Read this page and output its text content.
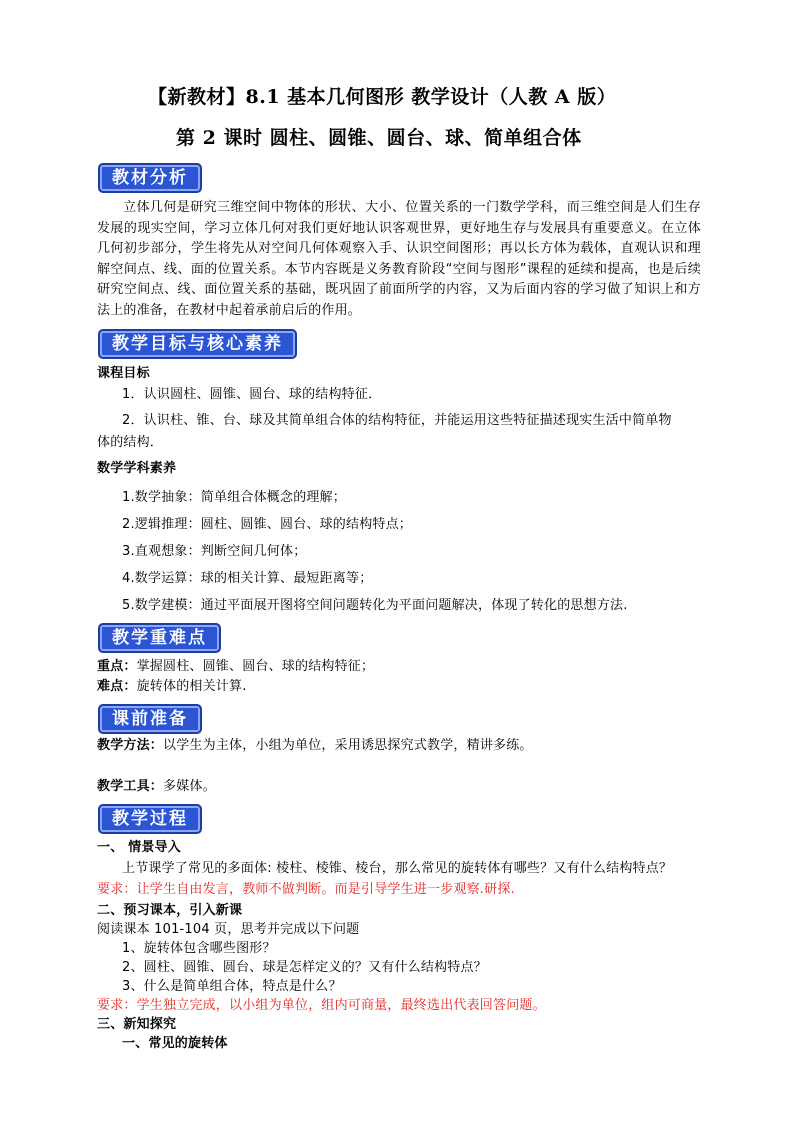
【新教材】8.1 基本几何图形 教学设计（人教 A 版）
第 2 课时 圆柱、圆锥、圆台、球、简单组合体
教材分析
立体几何是研究三维空间中物体的形状、大小、位置关系的一门数学学科，而三维空间是人们生存发展的现实空间，学习立体几何对我们更好地认识客观世界，更好地生存与发展具有重要意义。在立体几何初步部分，学生将先从对空间几何体观察入手、认识空间图形；再以长方体为载体，直观认识和理解空间点、线、面的位置关系。本节内容既是义务教育阶段“空间与图形”课程的延续和提高，也是后续研究空间点、线、面位置关系的基础，既巩固了前面所学的内容，又为后面内容的学习做了知识上和方法上的准备，在教材中起着承前启后的作用。
教学目标与核心素养
课程目标
1．认识圆柱、圆锥、圆台、球的结构特征．
2．认识柱、锥、台、球及其简单组合体的结构特征，并能运用这些特征描述现实生活中简单物
体的结构．
数学学科素养
1.数学抽象：简单组合体概念的理解；
2.逻辑推理：圆柱、圆锥、圆台、球的结构特点；
3.直观想象：判断空间几何体；
4.数学运算：球的相关计算、最短距离等；
5.数学建模：通过平面展开图将空间问题转化为平面问题解决，体现了转化的思想方法.
教学重难点
重点：掌握圆柱、圆锥、圆台、球的结构特征；
难点：旋转体的相关计算.
课前准备
教学方法：以学生为主体，小组为单位，采用诱思探究式教学，精讲多练。
教学工具：多媒体。
教学过程
一、 情景导入
上节课学了常见的多面体: 棱柱、棱锥、棱台，那么常见的旋转体有哪些？又有什么结构特点？
要求：让学生自由发言，教师不做判断。而是引导学生进一步观察.研探.
二、预习课本，引入新课
阅读课本 101-104 页，思考并完成以下问题
1、旋转体包含哪些图形？
2、圆柱、圆锥、圆台、球是怎样定义的？又有什么结构特点？
3、什么是简单组合体，特点是什么？
要求：学生独立完成，以小组为单位，组内可商量，最终选出代表回答问题。
三、新知探究
一、常见的旋转体
